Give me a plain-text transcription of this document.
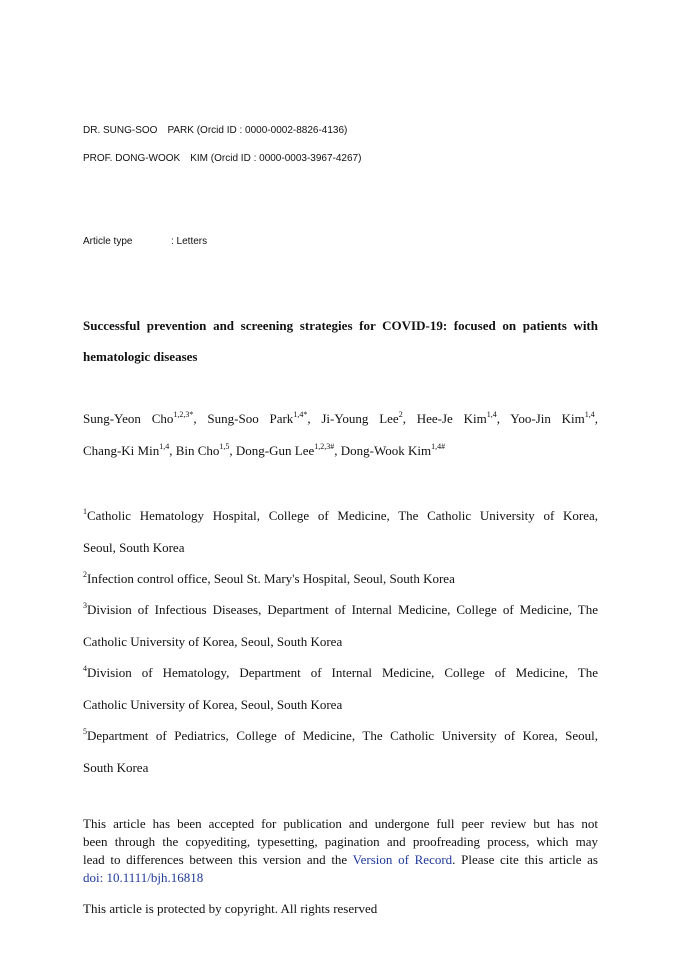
DR. SUNG-SOO PARK (Orcid ID : 0000-0002-8826-4136)
PROF. DONG-WOOK KIM (Orcid ID : 0000-0003-3967-4267)
Article type	: Letters
Successful prevention and screening strategies for COVID-19: focused on patients with
hematologic diseases
Sung-Yeon Cho$^{1,2,3*}$, Sung-Soo Park$^{1,4*}$, Ji-Young Lee$^2$, Hee-Je Kim$^{1,4}$, Yoo-Jin Kim$^{1,4}$,
Chang-Ki Min$^{1,4}$, Bin Cho$^{1,5}$, Dong-Gun Lee$^{1,2,3\#}$, Dong-Wook Kim$^{1,4\#}$
$^1$Catholic Hematology Hospital, College of Medicine, The Catholic University of Korea,
Seoul, South Korea
$^2$Infection control office, Seoul St. Mary's Hospital, Seoul, South Korea
$^3$Division of Infectious Diseases, Department of Internal Medicine, College of Medicine, The
Catholic University of Korea, Seoul, South Korea
$^4$Division of Hematology, Department of Internal Medicine, College of Medicine, The
Catholic University of Korea, Seoul, South Korea
$^5$Department of Pediatrics, College of Medicine, The Catholic University of Korea, Seoul,
South Korea
This article has been accepted for publication and undergone full peer review but has not
been through the copyediting, typesetting, pagination and proofreading process, which may
lead to differences between this version and the Version of Record. Please cite this article as
doi: 10.1111/bjh.16818
This article is protected by copyright. All rights reserved
